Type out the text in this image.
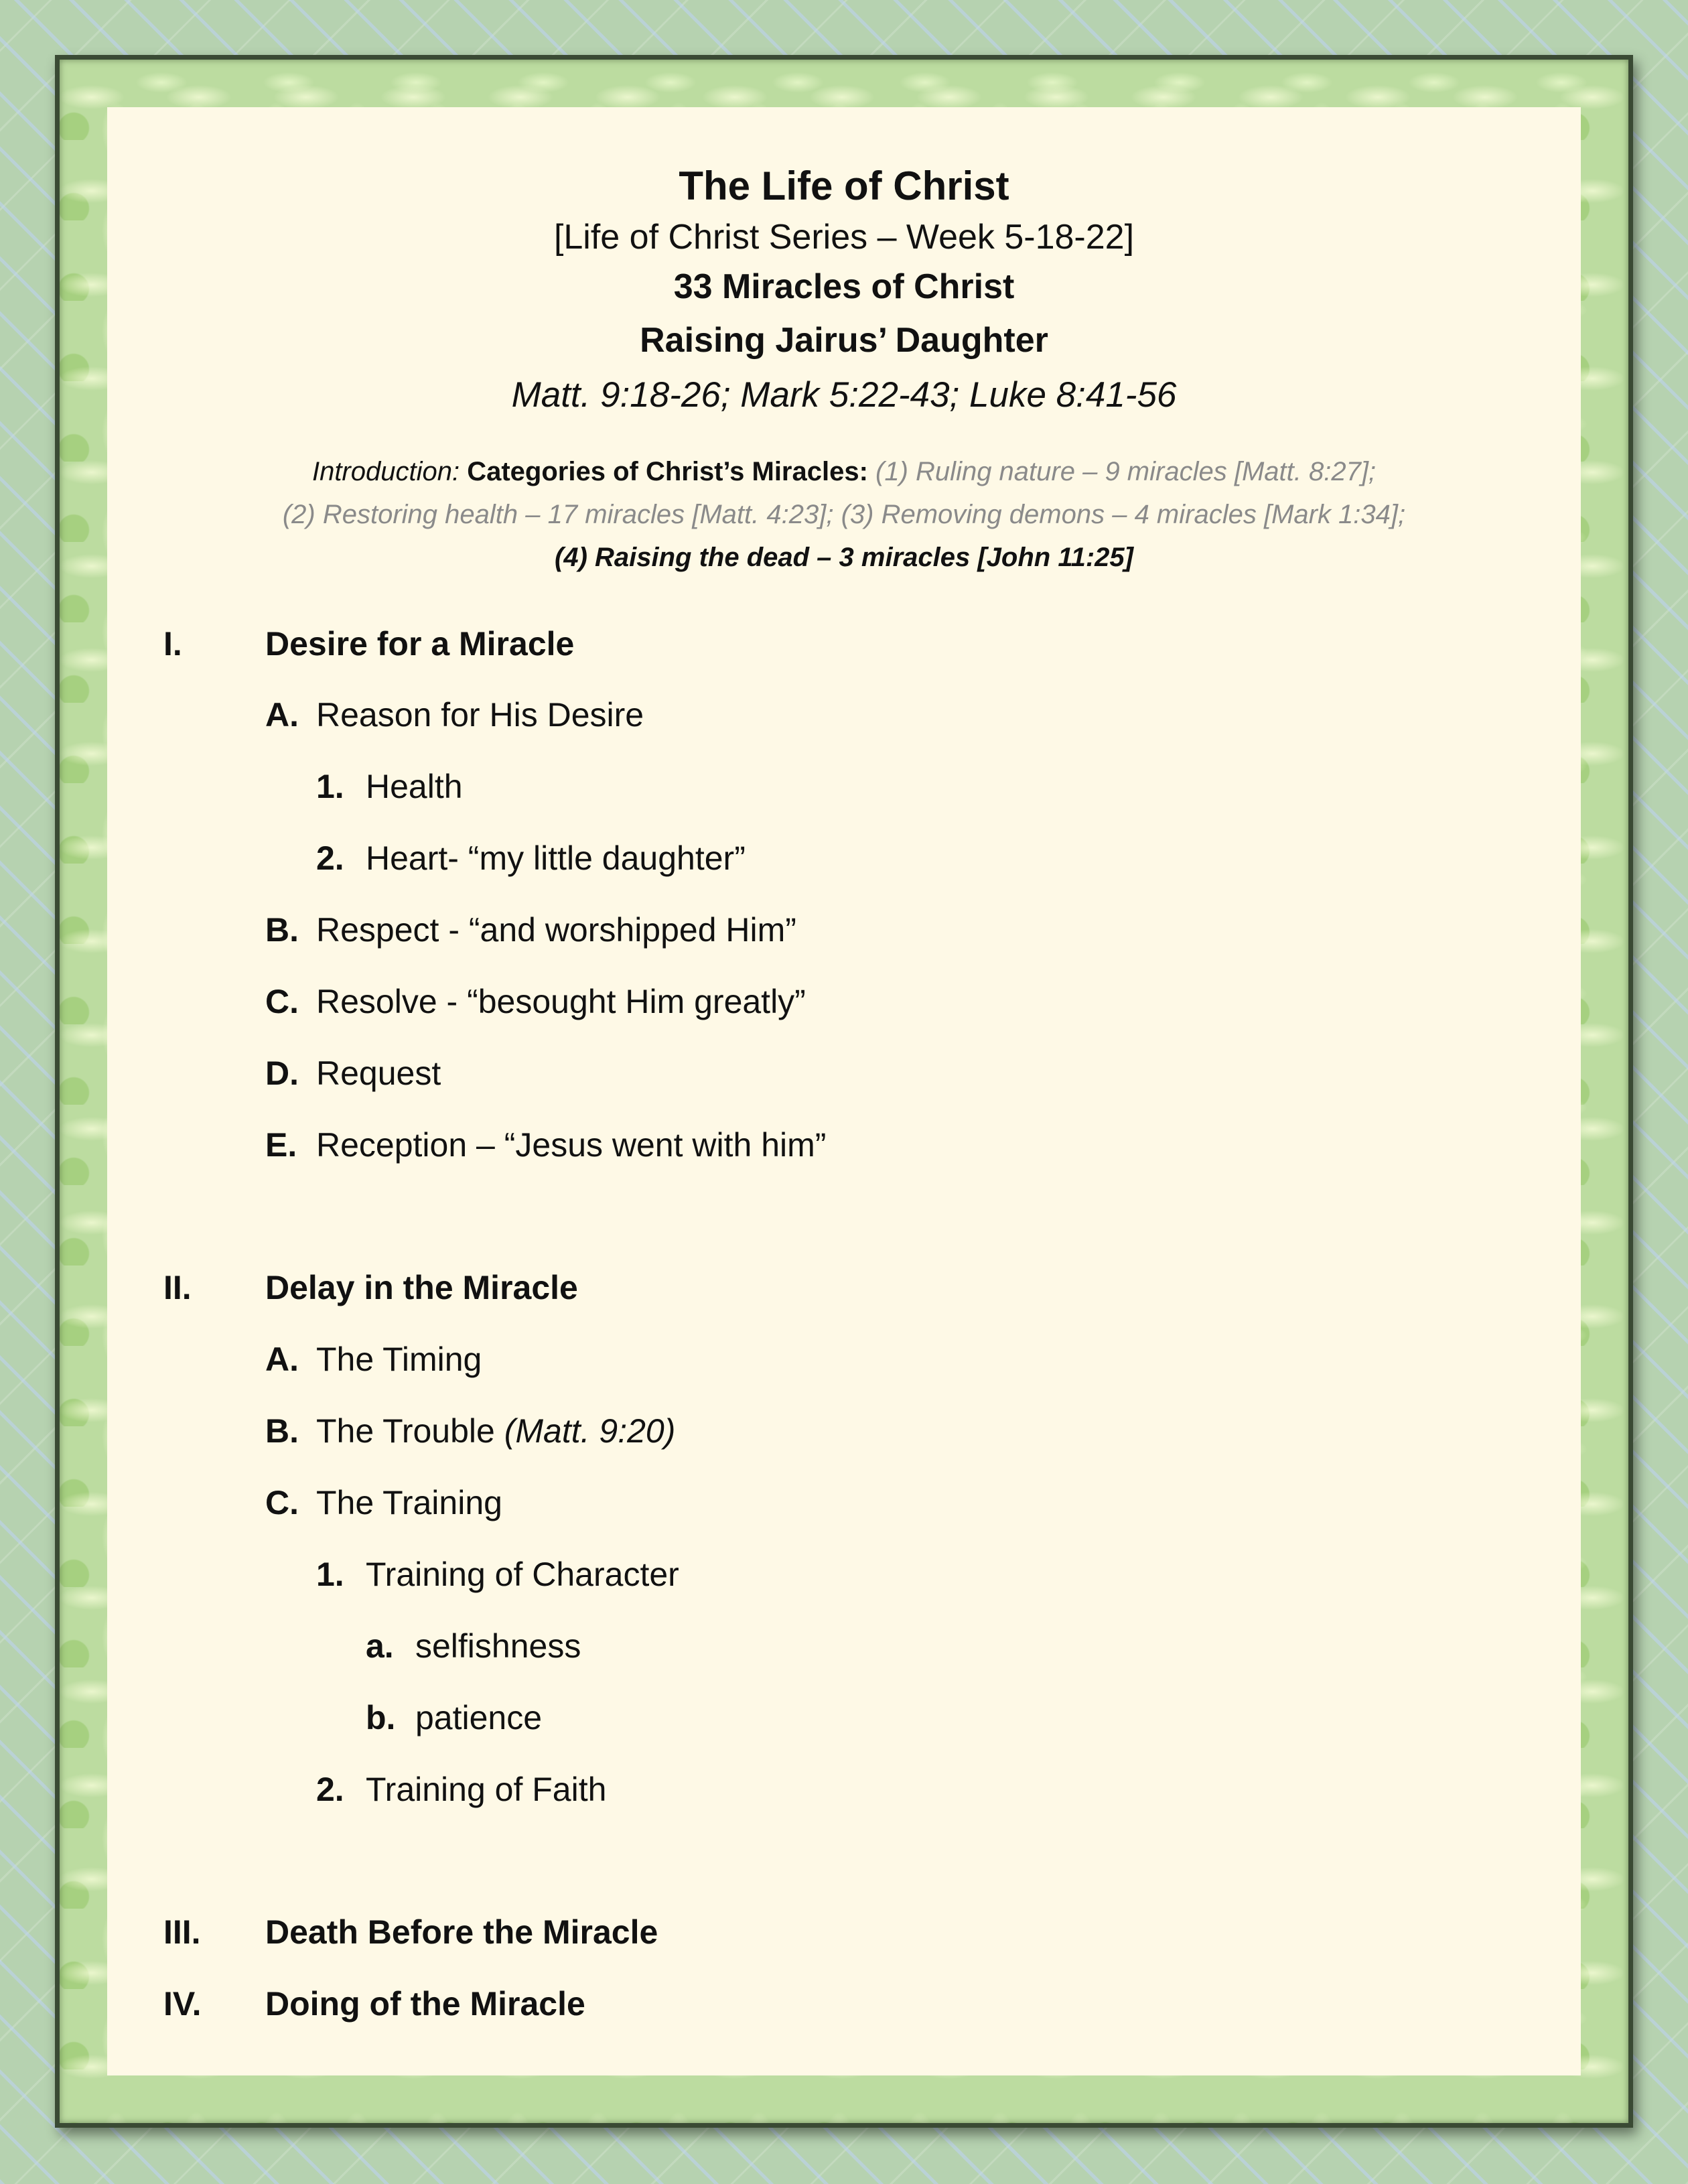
The Life of Christ
[Life of Christ Series – Week 5-18-22]
33 Miracles of Christ
Raising Jairus’ Daughter
Matt. 9:18-26; Mark 5:22-43; Luke 8:41-56
Introduction: Categories of Christ’s Miracles: (1) Ruling nature – 9 miracles [Matt. 8:27];
(2) Restoring health – 17 miracles [Matt. 4:23]; (3) Removing demons – 4 miracles [Mark 1:34];
(4) Raising the dead – 3 miracles [John 11:25]
I. Desire for a Miracle
A. Reason for His Desire
1. Health
2. Heart- “my little daughter”
B. Respect - “and worshipped Him”
C. Resolve - “besought Him greatly”
D. Request
E. Reception – “Jesus went with him”
II. Delay in the Miracle
A. The Timing
B. The Trouble (Matt. 9:20)
C. The Training
1. Training of Character
a. selfishness
b. patience
2. Training of Faith
III. Death Before the Miracle
IV. Doing of the Miracle
